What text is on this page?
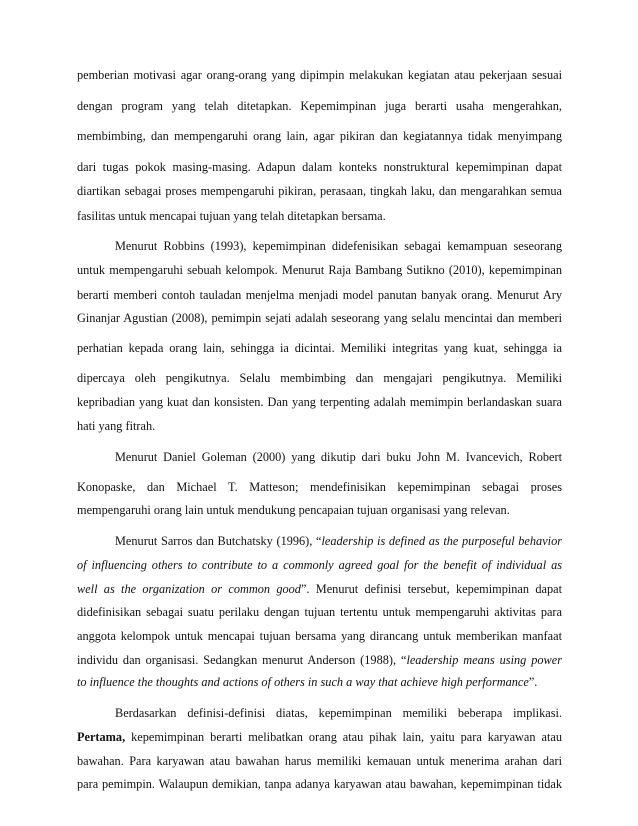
pemberian motivasi agar orang-orang yang dipimpin melakukan kegiatan atau pekerjaan sesuai
dengan program yang telah ditetapkan. Kepemimpinan juga berarti usaha mengerahkan,
membimbing, dan mempengaruhi orang lain, agar pikiran dan kegiatannya tidak menyimpang
dari tugas pokok masing-masing. Adapun dalam konteks nonstruktural kepemimpinan dapat
diartikan sebagai proses mempengaruhi pikiran, perasaan, tingkah laku, dan mengarahkan semua
fasilitas untuk mencapai tujuan yang telah ditetapkan bersama.
Menurut Robbins (1993), kepemimpinan didefenisikan sebagai kemampuan seseorang
untuk mempengaruhi sebuah kelompok. Menurut Raja Bambang Sutikno (2010), kepemimpinan
berarti memberi contoh tauladan menjelma menjadi model panutan banyak orang. Menurut Ary
Ginanjar Agustian (2008), pemimpin sejati adalah seseorang yang selalu mencintai dan memberi
perhatian kepada orang lain, sehingga ia dicintai. Memiliki integritas yang kuat, sehingga ia
dipercaya oleh pengikutnya. Selalu membimbing dan mengajari pengikutnya. Memiliki
kepribadian yang kuat dan konsisten. Dan yang terpenting adalah memimpin berlandaskan suara
hati yang fitrah.
Menurut Daniel Goleman (2000) yang dikutip dari buku John M. Ivancevich, Robert
Konopaske, dan Michael T. Matteson; mendefinisikan kepemimpinan sebagai proses
mempengaruhi orang lain untuk mendukung pencapaian tujuan organisasi yang relevan.
Menurut Sarros dan Butchatsky (1996), “leadership is defined as the purposeful behavior
of influencing others to contribute to a commonly agreed goal for the benefit of individual as
well as the organization or common good”. Menurut definisi tersebut, kepemimpinan dapat
didefinisikan sebagai suatu perilaku dengan tujuan tertentu untuk mempengaruhi aktivitas para
anggota kelompok untuk mencapai tujuan bersama yang dirancang untuk memberikan manfaat
individu dan organisasi. Sedangkan menurut Anderson (1988), “leadership means using power
to influence the thoughts and actions of others in such a way that achieve high performance”.
Berdasarkan definisi-definisi diatas, kepemimpinan memiliki beberapa implikasi.
Pertama, kepemimpinan berarti melibatkan orang atau pihak lain, yaitu para karyawan atau
bawahan. Para karyawan atau bawahan harus memiliki kemauan untuk menerima arahan dari
para pemimpin. Walaupun demikian, tanpa adanya karyawan atau bawahan, kepemimpinan tidak
